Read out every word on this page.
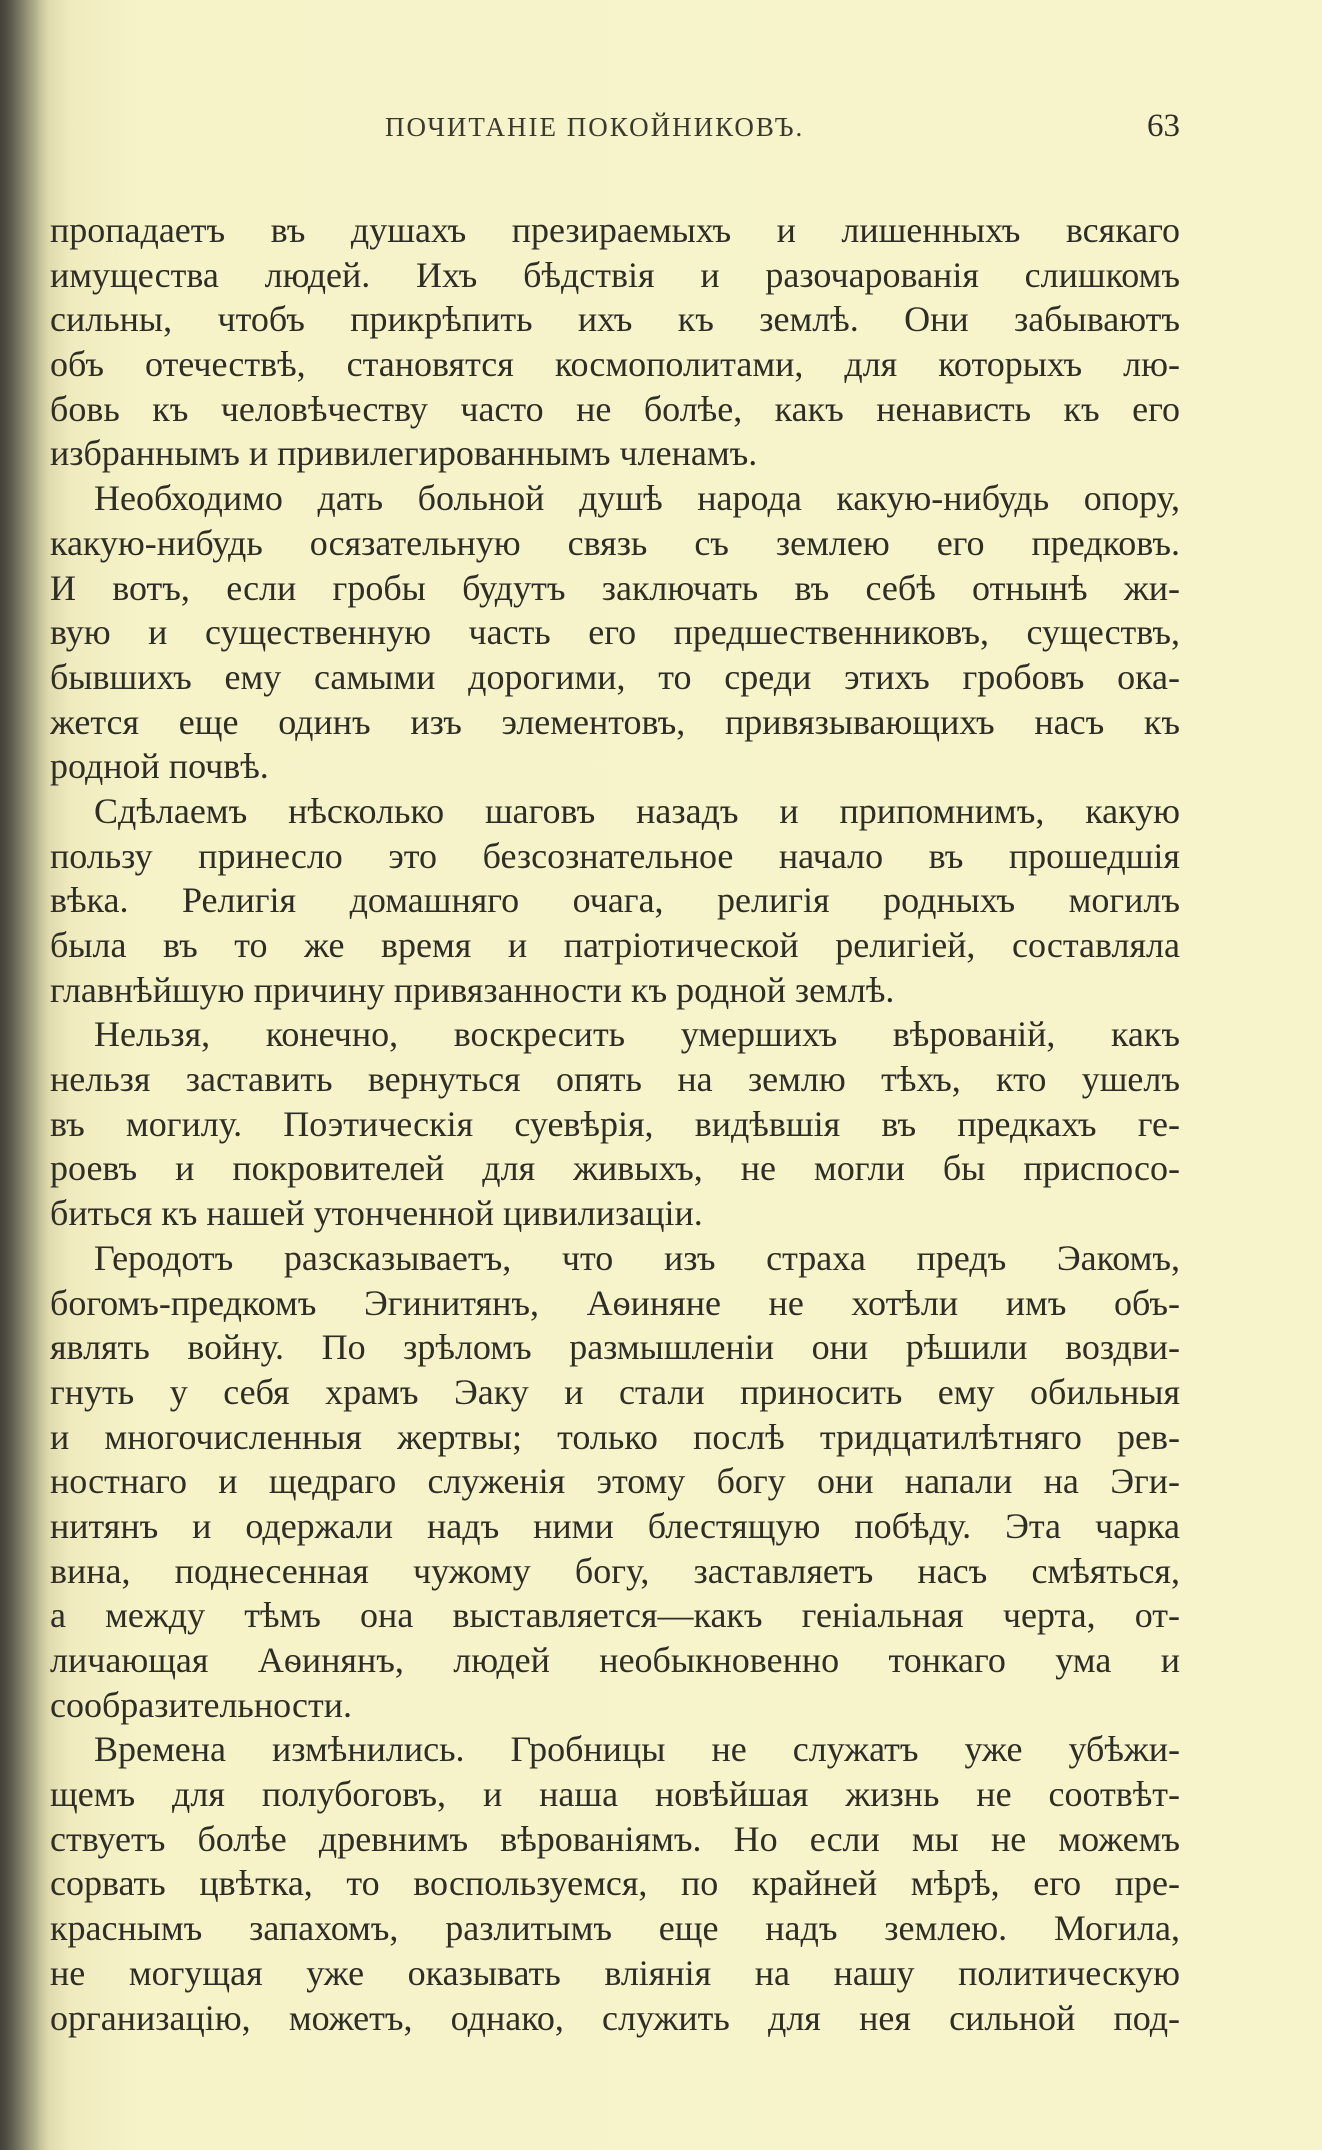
ПОЧИТАНІЕ ПОКОЙНИКОВЪ.	63
пропадаетъ въ душахъ презираемыхъ и лишенныхъ всякаго
имущества людей. Ихъ бѣдствія и разочарованія слишкомъ
сильны, чтобъ прикрѣпить ихъ къ землѣ. Они забываютъ
объ отечествѣ, становятся космополитами, для которыхъ лю-
бовь къ человѣчеству часто не болѣе, какъ ненависть къ его
избраннымъ и привилегированнымъ членамъ.
Необходимо дать больной душѣ народа какую-нибудь опору,
какую-нибудь осязательную связь съ землею его предковъ.
И вотъ, если гробы будутъ заключать въ себѣ отнынѣ жи-
вую и существенную часть его предшественниковъ, существъ,
бывшихъ ему самыми дорогими, то среди этихъ гробовъ ока-
жется еще одинъ изъ элементовъ, привязывающихъ насъ къ
родной почвѣ.
Сдѣлаемъ нѣсколько шаговъ назадъ и припомнимъ, какую
пользу принесло это безсознательное начало въ прошедшія
вѣка. Религія домашняго очага, религія родныхъ могилъ
была въ то же время и патріотической религіей, составляла
главнѣйшую причину привязанности къ родной землѣ.
Нельзя, конечно, воскресить умершихъ вѣрованій, какъ
нельзя заставить вернуться опять на землю тѣхъ, кто ушелъ
въ могилу. Поэтическія суевѣрія, видѣвшія въ предкахъ ге-
роевъ и покровителей для живыхъ, не могли бы приспосо-
биться къ нашей утонченной цивилизаціи.
Геродотъ разсказываетъ, что изъ страха предъ Эакомъ,
богомъ-предкомъ Эгинитянъ, Аѳиняне не хотѣли имъ объ-
являть войну. По зрѣломъ размышленіи они рѣшили воздви-
гнуть у себя храмъ Эаку и стали приносить ему обильныя
и многочисленныя жертвы; только послѣ тридцатилѣтняго рев-
ностнаго и щедраго служенія этому богу они напали на Эги-
нитянъ и одержали надъ ними блестящую побѣду. Эта чарка
вина, поднесенная чужому богу, заставляетъ насъ смѣяться,
а между тѣмъ она выставляется—какъ геніальная черта, от-
личающая Аѳинянъ, людей необыкновенно тонкаго ума и
сообразительности.
Времена измѣнились. Гробницы не служатъ уже убѣжи-
щемъ для полубоговъ, и наша новѣйшая жизнь не соотвѣт-
ствуетъ болѣе древнимъ вѣрованіямъ. Но если мы не можемъ
сорвать цвѣтка, то воспользуемся, по крайней мѣрѣ, его пре-
краснымъ запахомъ, разлитымъ еще надъ землею. Могила,
не могущая уже оказывать вліянія на нашу политическую
организацію, можетъ, однако, служить для нея сильной под-
